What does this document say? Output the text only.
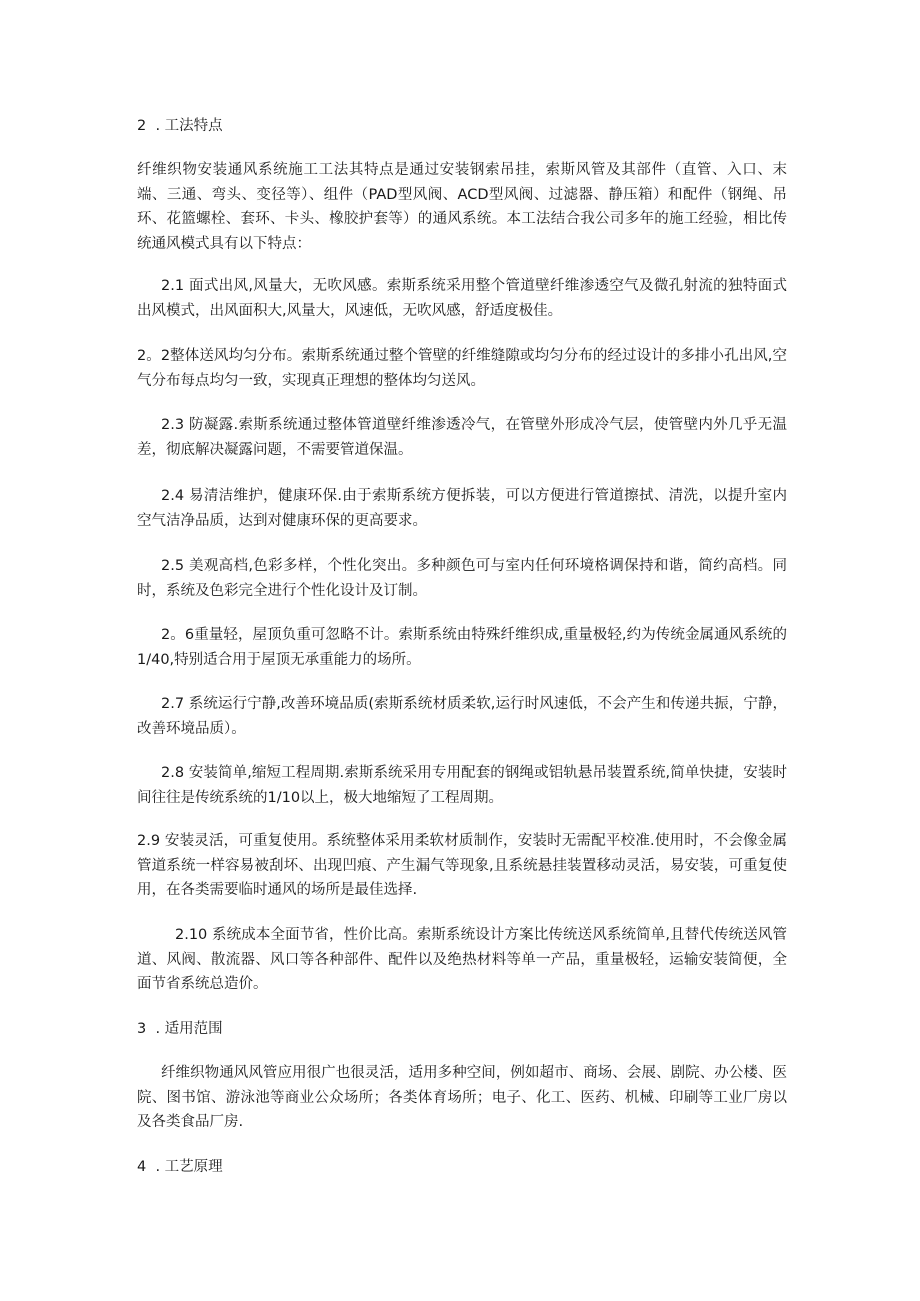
2  . 工法特点

纤维织物安装通风系统施工工法其特点是通过安装钢索吊挂，索斯风管及其部件（直管、入口、末端、三通、弯头、变径等）、组件（PAD型风阀、ACD型风阀、过滤器、静压箱）和配件（钢绳、吊环、花篮螺栓、套环、卡头、橡胶护套等）的通风系统。本工法结合我公司多年的施工经验，相比传统通风模式具有以下特点：

2.1 面式出风,风量大，无吹风感。索斯系统采用整个管道壁纤维渗透空气及微孔射流的独特面式出风模式，出风面积大,风量大，风速低，无吹风感，舒适度极佳。

2。2整体送风均匀分布。索斯系统通过整个管壁的纤维缝隙或均匀分布的经过设计的多排小孔出风,空气分布每点均匀一致，实现真正理想的整体均匀送风。

2.3 防凝露.索斯系统通过整体管道壁纤维渗透冷气，在管壁外形成冷气层，使管壁内外几乎无温差，彻底解决凝露问题，不需要管道保温。

2.4 易清洁维护，健康环保.由于索斯系统方便拆装，可以方便进行管道擦拭、清洗，以提升室内空气洁净品质，达到对健康环保的更高要求。

2.5 美观高档,色彩多样，个性化突出。多种颜色可与室内任何环境格调保持和谐，简约高档。同时，系统及色彩完全进行个性化设计及订制。

2。6重量轻，屋顶负重可忽略不计。索斯系统由特殊纤维织成,重量极轻,约为传统金属通风系统的1/40,特别适合用于屋顶无承重能力的场所。

2.7 系统运行宁静,改善环境品质(索斯系统材质柔软,运行时风速低，不会产生和传递共振，宁静，改善环境品质）。

2.8 安装简单,缩短工程周期.索斯系统采用专用配套的钢绳或铝轨悬吊装置系统,简单快捷，安装时间往往是传统系统的1/10以上，极大地缩短了工程周期。

2.9 安装灵活，可重复使用。系统整体采用柔软材质制作，安装时无需配平校准.使用时，不会像金属管道系统一样容易被刮坏、出现凹痕、产生漏气等现象,且系统悬挂装置移动灵活，易安装，可重复使用，在各类需要临时通风的场所是最佳选择.

2.10 系统成本全面节省，性价比高。索斯系统设计方案比传统送风系统简单,且替代传统送风管道、风阀、散流器、风口等各种部件、配件以及绝热材料等单一产品，重量极轻，运输安装简便，全面节省系统总造价。

3  . 适用范围

纤维织物通风风管应用很广也很灵活，适用多种空间，例如超市、商场、会展、剧院、办公楼、医院、图书馆、游泳池等商业公众场所；各类体育场所；电子、化工、医药、机械、印刷等工业厂房以及各类食品厂房.

4  . 工艺原理
